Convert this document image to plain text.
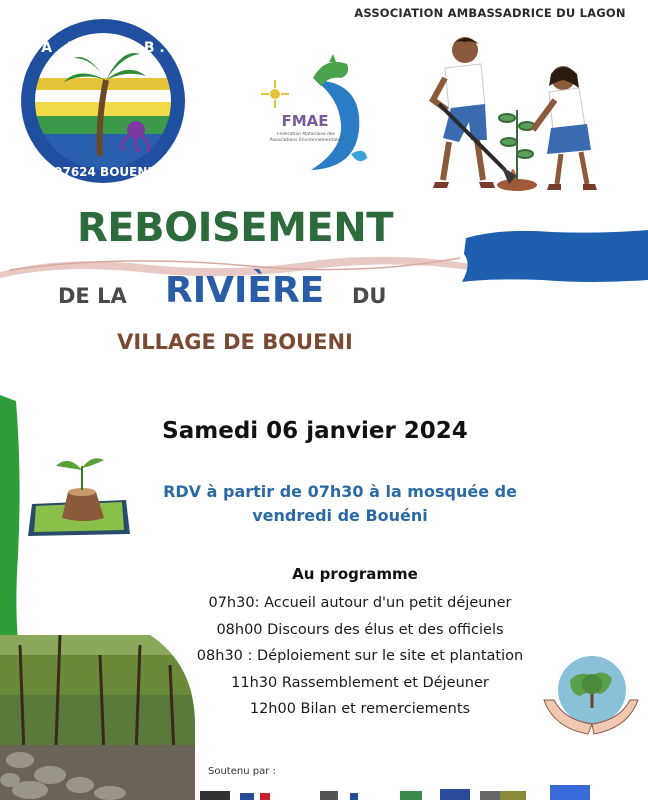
ASSOCIATION AMBASSADRICE DU LAGON
A . P . E . N . B .
97624 BOUENI
FMAE
Fédération Mahoraise des Associations Environnementales
REBOISEMENT
DE LA RIVIÈRE DU
VILLAGE DE BOUENI
Samedi 06 janvier 2024
RDV à partir de 07h30 à la mosquée de
vendredi de Bouéni
Au programme
07h30: Accueil autour d'un petit déjeuner
08h00 Discours des élus et des officiels
08h30 : Déploiement sur le site et plantation
11h30 Rassemblement et Déjeuner
12h00 Bilan et remerciements
Soutenu par :
